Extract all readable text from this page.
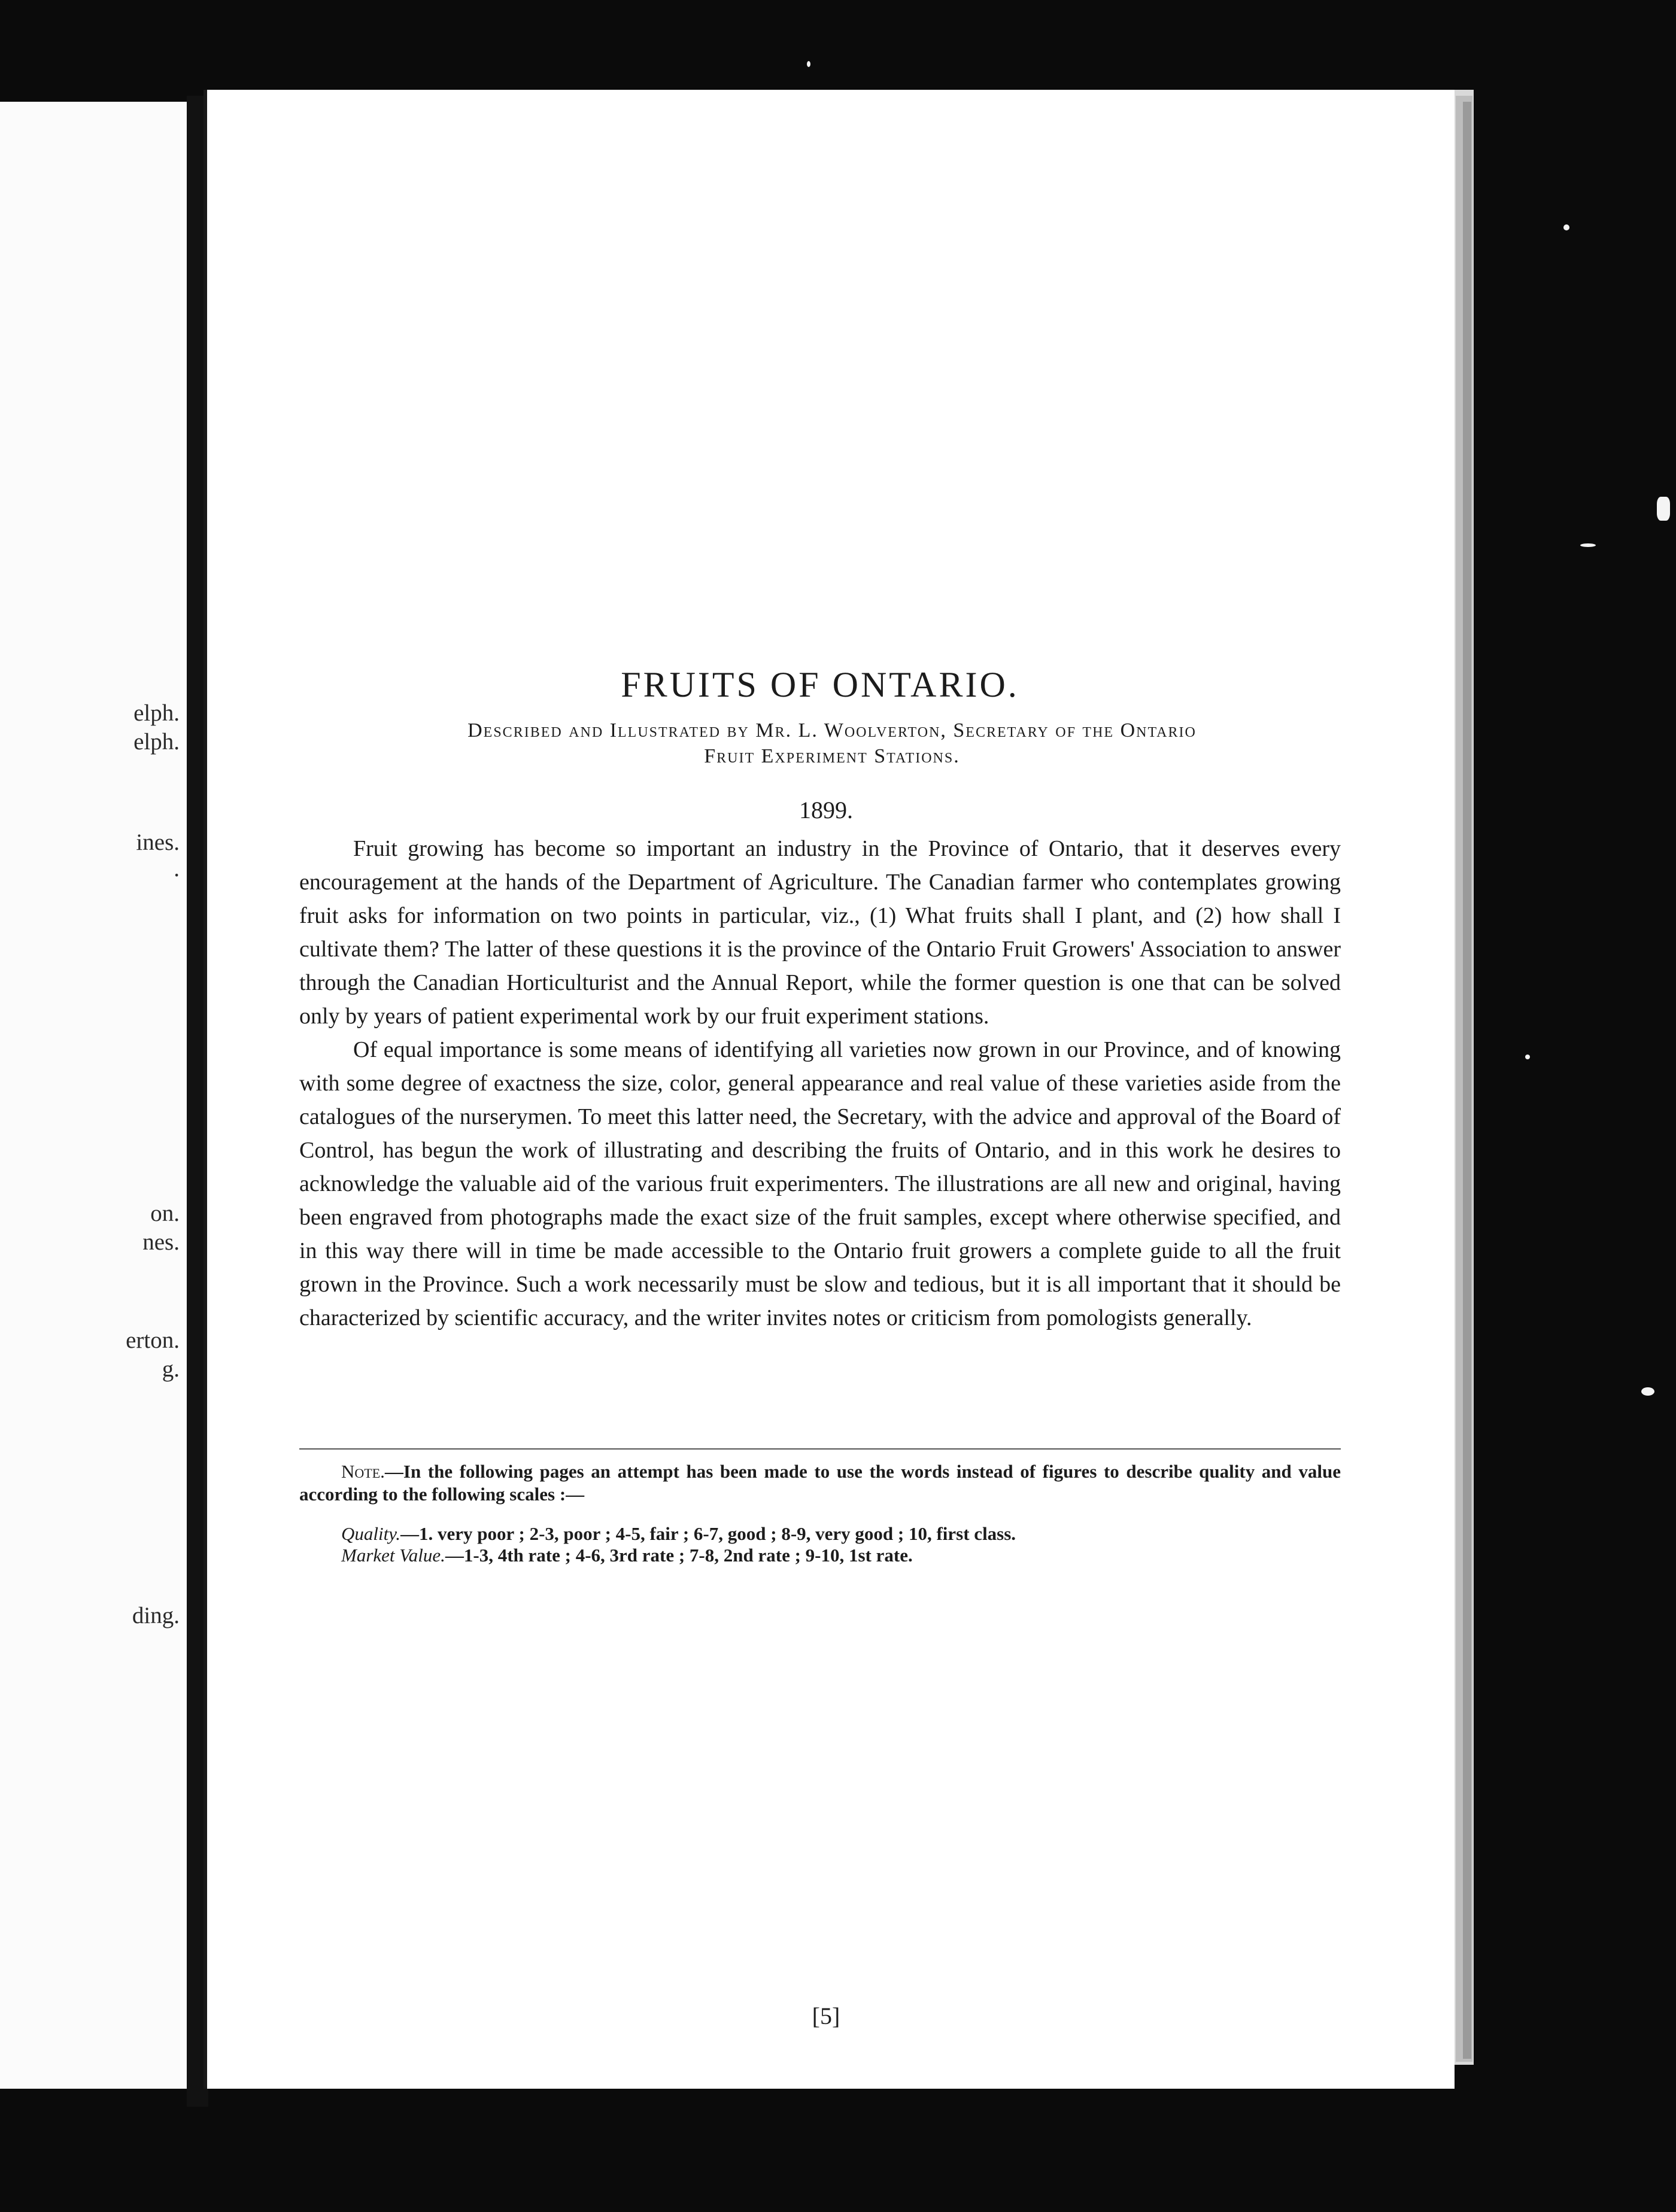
elph.
elph.
ines.
.
on.
nes.
erton.
g.
ding.
FRUITS OF ONTARIO.
Described and Illustrated by Mr. L. Woolverton, Secretary of the Ontario
Fruit Experiment Stations.
1899.

Fruit growing has become so important an industry in the Province of Ontario, that it deserves every encouragement at the hands of the Department of Agriculture. The Canadian farmer who contemplates growing fruit asks for information on two points in particular, viz., (1) What fruits shall I plant, and (2) how shall I cultivate them? The latter of these questions it is the province of the Ontario Fruit Growers' Association to answer through the Canadian Horticulturist and the Annual Report, while the former question is one that can be solved only by years of patient experimental work by our fruit experiment stations.

Of equal importance is some means of identifying all varieties now grown in our Province, and of knowing with some degree of exactness the size, color, general appearance and real value of these varieties aside from the catalogues of the nurserymen. To meet this latter need, the Secretary, with the advice and approval of the Board of Control, has begun the work of illustrating and describing the fruits of Ontario, and in this work he desires to acknowledge the valuable aid of the various fruit experimenters. The illustrations are all new and original, having been engraved from photographs made the exact size of the fruit samples, except where otherwise specified, and in this way there will in time be made accessible to the Ontario fruit growers a complete guide to all the fruit grown in the Province. Such a work necessarily must be slow and tedious, but it is all important that it should be characterized by scientific accuracy, and the writer invites notes or criticism from pomologists generally.

Note.—In the following pages an attempt has been made to use the words instead of figures to describe quality and value according to the following scales :—

Quality.—1. very poor ; 2-3, poor ; 4-5, fair ; 6-7, good ; 8-9, very good ; 10, first class.
Market Value.—1-3, 4th rate ; 4-6, 3rd rate ; 7-8, 2nd rate ; 9-10, 1st rate.
[5]
